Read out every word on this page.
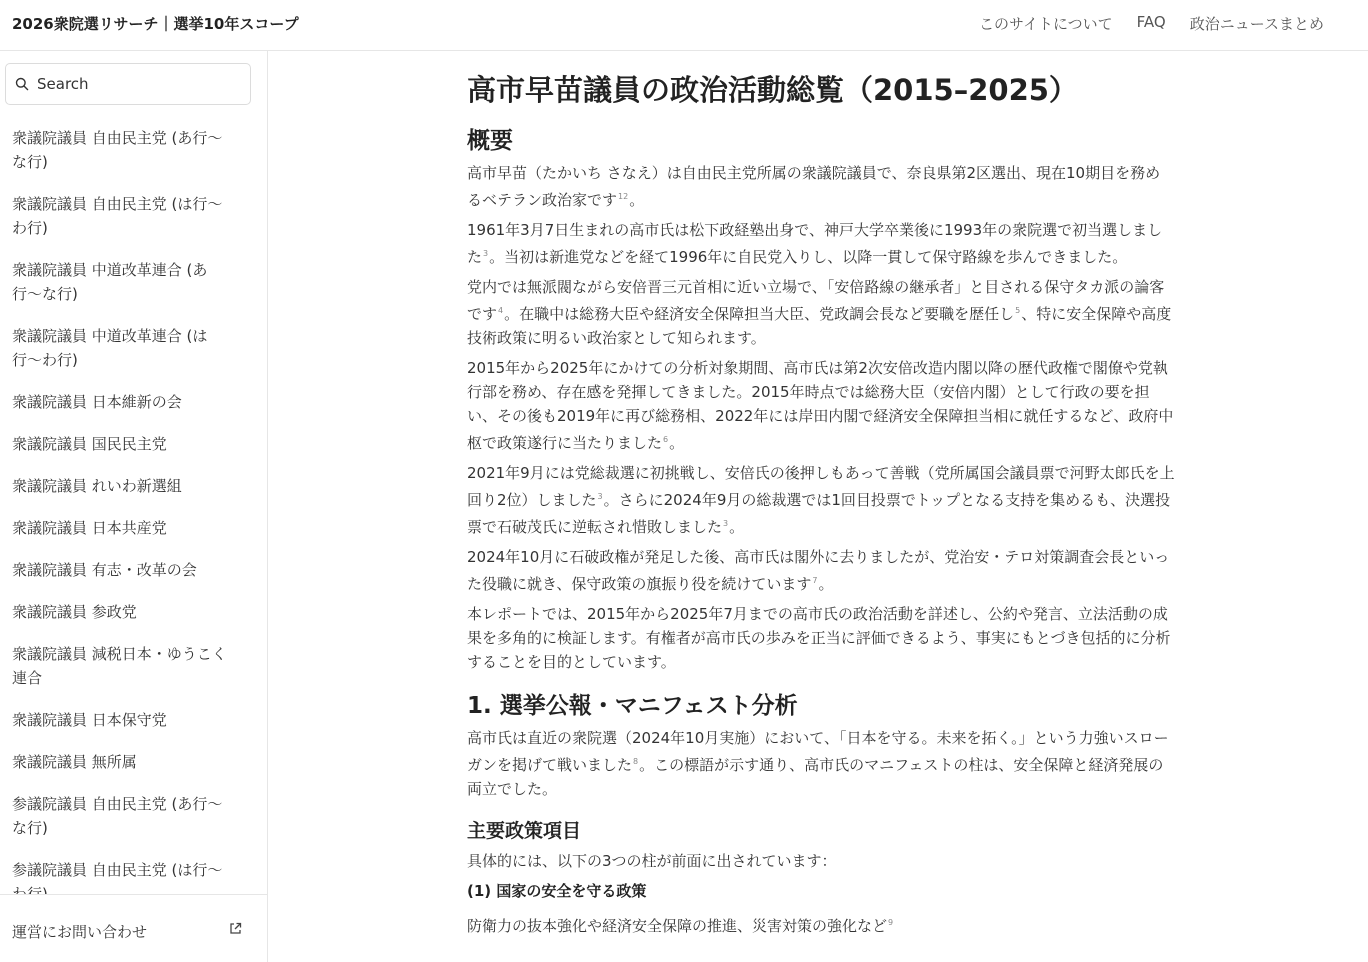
2026衆院選リサーチ｜選挙10年スコープ	このサイトについて FAQ 政治ニュースまとめ
Search
衆議院議員 自由民主党 (あ行〜な行)
衆議院議員 自由民主党 (は行〜わ行)
衆議院議員 中道改革連合 (あ行〜な行)
衆議院議員 中道改革連合 (は行〜わ行)
衆議院議員 日本維新の会
衆議院議員 国民民主党
衆議院議員 れいわ新選組
衆議院議員 日本共産党
衆議院議員 有志・改革の会
衆議院議員 参政党
衆議院議員 減税日本・ゆうこく連合
衆議院議員 日本保守党
衆議院議員 無所属
参議院議員 自由民主党 (あ行〜な行)
参議院議員 自由民主党 (は行〜
運営にお問い合わせ
高市早苗議員の政治活動総覧（2015–2025）
概要

高市早苗（たかいち さなえ）は自由民主党所属の衆議院議員で、奈良県第2区選出、現在10期目を務めるベテラン政治家です$^{12}$。

1961年3月7日生まれの高市氏は松下政経塾出身で、神戸大学卒業後に1993年の衆院選で初当選しました$^3$。当初は新進党などを経て1996年に自民党入りし、以降一貫して保守路線を歩んできました。

党内では無派閥ながら安倍晋三元首相に近い立場で、「安倍路線の継承者」と目される保守タカ派の論客です$^4$。在職中は総務大臣や経済安全保障担当大臣、党政調会長など要職を歴任し$^5$、特に安全保障や高度技術政策に明るい政治家として知られます。

2015年から2025年にかけての分析対象期間、高市氏は第2次安倍改造内閣以降の歴代政権で閣僚や党執行部を務め、存在感を発揮してきました。2015年時点では総務大臣（安倍内閣）として行政の要を担い、その後も2019年に再び総務相、2022年には岸田内閣で経済安全保障担当相に就任するなど、政府中枢で政策遂行に当たりました$^6$。

2021年9月には党総裁選に初挑戦し、安倍氏の後押しもあって善戦（党所属国会議員票で河野太郎氏を上回り2位）しました$^3$。さらに2024年9月の総裁選では1回目投票でトップとなる支持を集めるも、決選投票で石破茂氏に逆転され惜敗しました$^3$。

2024年10月に石破政権が発足した後、高市氏は閣外に去りましたが、党治安・テロ対策調査会長といった役職に就き、保守政策の旗振り役を続けています$^7$。

本レポートでは、2015年から2025年7月までの高市氏の政治活動を詳述し、公約や発言、立法活動の成果を多角的に検証します。有権者が高市氏の歩みを正当に評価できるよう、事実にもとづき包括的に分析することを目的としています。

1. 選挙公報・マニフェスト分析

高市氏は直近の衆院選（2024年10月実施）において、「日本を守る。未来を拓く。」という力強いスローガンを掲げて戦いました$^8$。この標語が示す通り、高市氏のマニフェストの柱は、安全保障と経済発展の両立でした。

主要政策項目

具体的には、以下の3つの柱が前面に出されています：

(1) 国家の安全を守る政策

防衛力の抜本強化や経済安全保障の推進、災害対策の強化など$^9$
